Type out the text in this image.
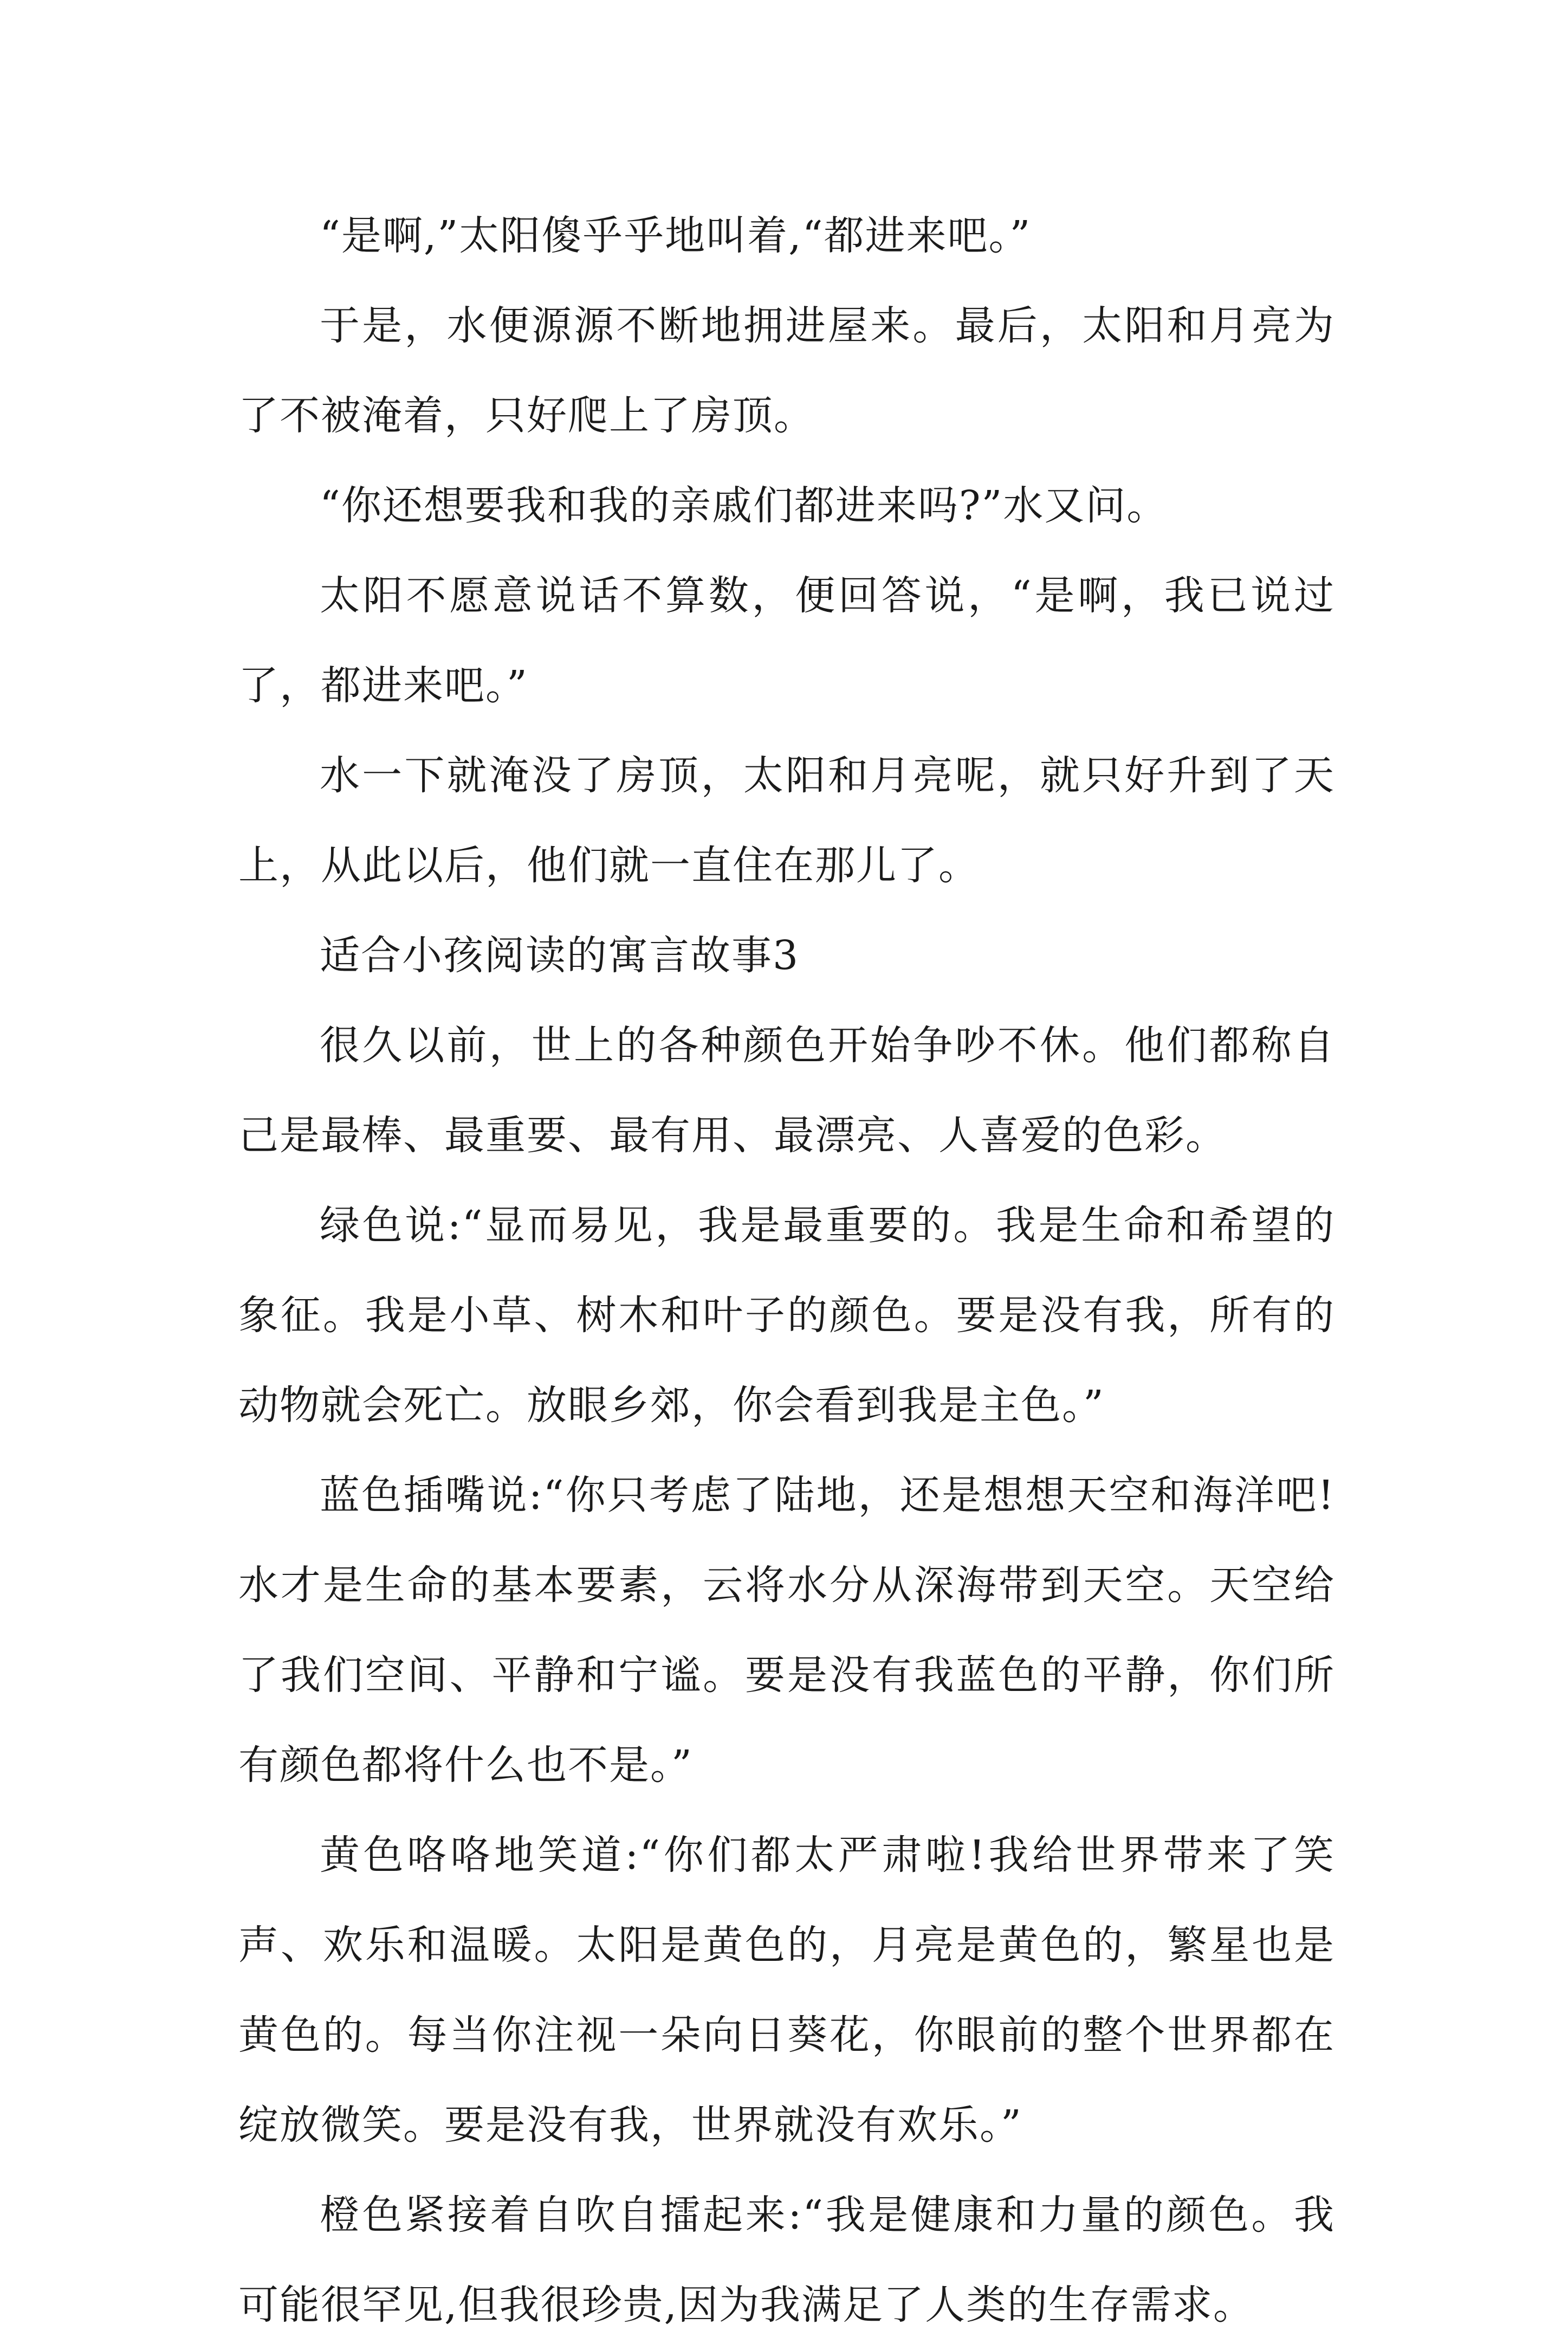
“是啊,”太阳傻乎乎地叫着,“都进来吧。”

于是，水便源源不断地拥进屋来。最后，太阳和月亮为了不被淹着，只好爬上了房顶。

“你还想要我和我的亲戚们都进来吗?”水又问。

太阳不愿意说话不算数，便回答说，“是啊，我已说过了，都进来吧。”

水一下就淹没了房顶，太阳和月亮呢，就只好升到了天上，从此以后，他们就一直住在那儿了。

适合小孩阅读的寓言故事3

很久以前，世上的各种颜色开始争吵不休。他们都称自己是最棒、最重要、最有用、最漂亮、人喜爱的色彩。

绿色说:“显而易见，我是最重要的。我是生命和希望的象征。我是小草、树木和叶子的颜色。要是没有我，所有的动物就会死亡。放眼乡郊，你会看到我是主色。”

蓝色插嘴说:“你只考虑了陆地，还是想想天空和海洋吧!水才是生命的基本要素，云将水分从深海带到天空。天空给了我们空间、平静和宁谧。要是没有我蓝色的平静，你们所有颜色都将什么也不是。”

黄色咯咯地笑道:“你们都太严肃啦!我给世界带来了笑声、欢乐和温暖。太阳是黄色的，月亮是黄色的，繁星也是黄色的。每当你注视一朵向日葵花，你眼前的整个世界都在绽放微笑。要是没有我，世界就没有欢乐。”

橙色紧接着自吹自擂起来:“我是健康和力量的颜色。我可能很罕见,但我很珍贵,因为我满足了人类的生存需求。
